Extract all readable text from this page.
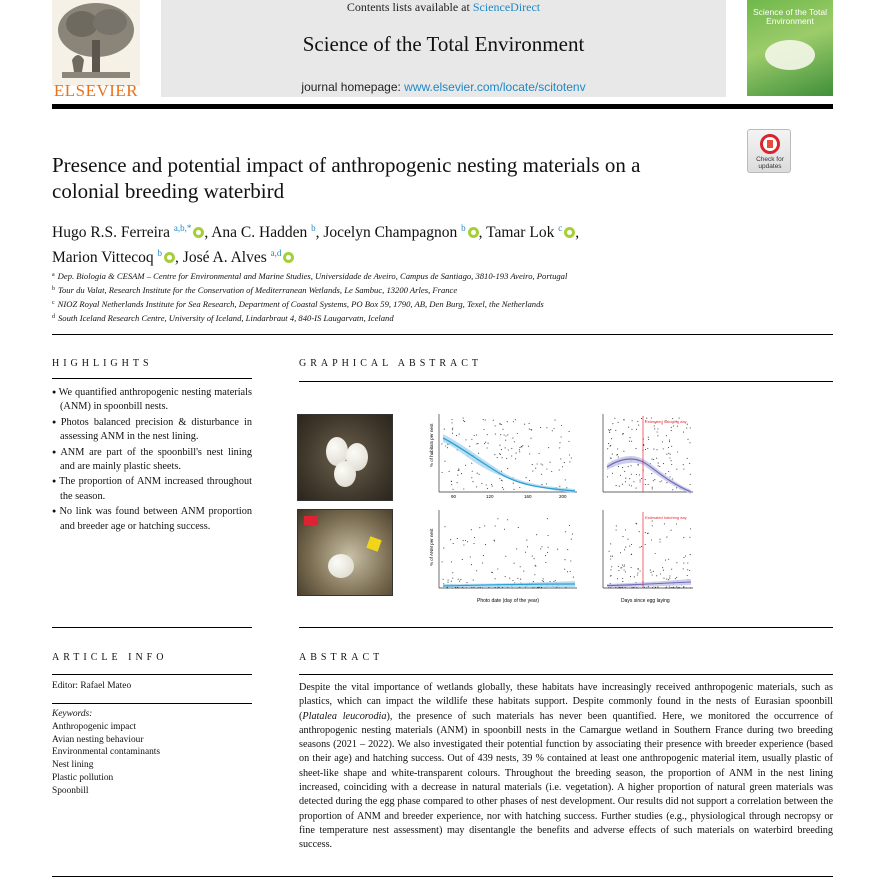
ELSEVIER
Contents lists available at ScienceDirect
Science of the Total Environment
journal homepage: www.elsevier.com/locate/scitotenv
Science of the Total Environment
Check for
updates
Presence and potential impact of anthropogenic nesting materials on a colonial breeding waterbird
Hugo R.S. Ferreira $^{a,b,*}$ , Ana C. Hadden $^b$, Jocelyn Champagnon $^b$ , Tamar Lok $^c$ ,
Marion Vittecoq $^b$ , José A. Alves $^{a,d}$
$^a$ Dep. Biologia & CESAM – Centre for Environmental and Marine Studies, Universidade de Aveiro, Campus de Santiago, 3810-193 Aveiro, Portugal
$^b$ Tour du Valat, Research Institute for the Conservation of Mediterranean Wetlands, Le Sambuc, 13200 Arles, France
$^c$ NIOZ Royal Netherlands Institute for Sea Research, Department of Coastal Systems, PO Box 59, 1790, AB, Den Burg, Texel, the Netherlands
$^d$ South Iceland Research Centre, University of Iceland, Lindarbraut 4, 840-IS Laugarvatn, Iceland
HIGHLIGHTS
● We quantified anthropogenic nesting materials (ANM) in spoonbill nests.
● Photos balanced precision & disturbance in assessing ANM in the nest lining.
● ANM are part of the spoonbill's nest lining and are mainly plastic sheets.
● The proportion of ANM increased throughout the season.
● No link was found between ANM proportion and breeder age or hatching success.
GRAPHICAL ABSTRACT
% of habitats per nest
90	120	160	200
Estimated hatching day
% of ANM per nest
Photo date (day of the year)
Estimated hatching day
Days since egg laying
ARTICLE INFO
Editor: Rafael Mateo
Keywords:
Anthropogenic impact
Avian nesting behaviour
Environmental contaminants
Nest lining
Plastic pollution
Spoonbill
ABSTRACT
Despite the vital importance of wetlands globally, these habitats have increasingly received anthropogenic materials, such as plastics, which can impact the wildlife these habitats support. Despite commonly found in the nests of Eurasian spoonbill (Platalea leucorodia), the presence of such materials has never been quantified. Here, we monitored the occurrence of anthropogenic nesting materials (ANM) in spoonbill nests in the Camargue wetland in Southern France during two breeding seasons (2021 – 2022). We also investigated their potential function by associating their presence with breeder experience (based on their age) and hatching success. Out of 439 nests, 39 % contained at least one anthropogenic material item, usually plastic of sheet-like shape and white-transparent colours. Throughout the breeding season, the proportion of ANM in the nest lining increased, coinciding with a decrease in natural materials (i.e. vegetation). A higher proportion of natural green materials was detected during the egg phase compared to other phases of nest development. Our results did not support a correlation between the proportion of ANM and breeder experience, nor with hatching success. Further studies (e.g., physiological through necropsy or fine temperature nest assessment) may disentangle the benefits and adverse effects of such materials on waterbird breeding success.
